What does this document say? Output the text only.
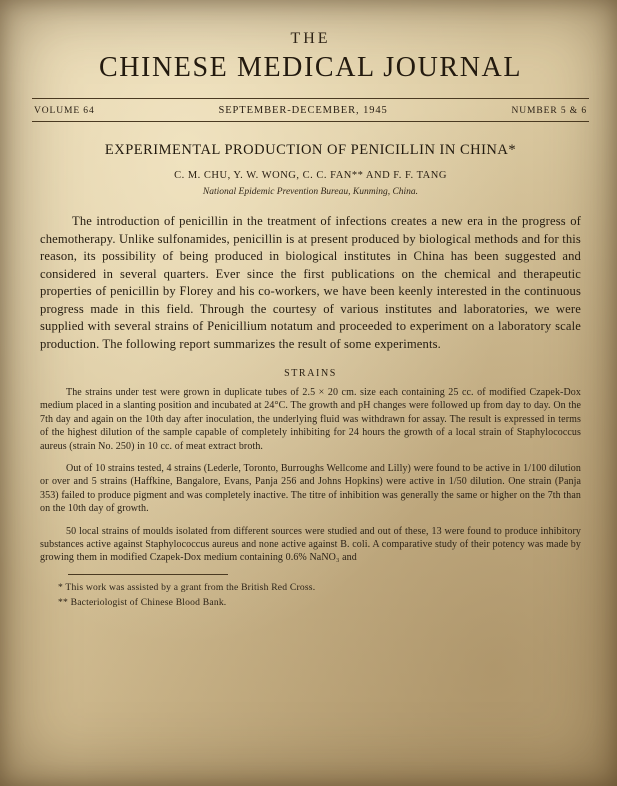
THE
CHINESE MEDICAL JOURNAL
VOLUME 64	SEPTEMBER-DECEMBER, 1945	NUMBER 5 & 6
EXPERIMENTAL PRODUCTION OF PENICILLIN IN CHINA*
C. M. CHU, Y. W. WONG, C. C. FAN** AND F. F. TANG
National Epidemic Prevention Bureau, Kunming, China.

The introduction of penicillin in the treatment of infections creates a new era in the progress of chemotherapy. Unlike sulfonamides, penicillin is at present produced by biological methods and for this reason, its possibility of being produced in biological institutes in China has been suggested and considered in several quarters. Ever since the first publications on the chemical and therapeutic properties of penicillin by Florey and his co-workers, we have been keenly interested in the continuous progress made in this field. Through the courtesy of various institutes and laboratories, we were supplied with several strains of Penicillium notatum and proceeded to experiment on a laboratory scale production. The following report summarizes the result of some experiments.

STRAINS

The strains under test were grown in duplicate tubes of 2.5 × 20 cm. size each containing 25 cc. of modified Czapek-Dox medium placed in a slanting position and incubated at 24°C. The growth and pH changes were followed up from day to day. On the 7th day and again on the 10th day after inoculation, the underlying fluid was withdrawn for assay. The result is expressed in terms of the highest dilution of the sample capable of completely inhibiting for 24 hours the growth of a local strain of Staphylococcus aureus (strain No. 250) in 10 cc. of meat extract broth.

Out of 10 strains tested, 4 strains (Lederle, Toronto, Burroughs Wellcome and Lilly) were found to be active in 1/100 dilution or over and 5 strains (Haffkine, Bangalore, Evans, Panja 256 and Johns Hopkins) were active in 1/50 dilution. One strain (Panja 353) failed to produce pigment and was completely inactive. The titre of inhibition was generally the same or higher on the 7th than on the 10th day of growth.

50 local strains of moulds isolated from different sources were studied and out of these, 13 were found to produce inhibitory substances active against Staphylococcus aureus and none active against B. coli. A comparative study of their potency was made by growing them in modified Czapek-Dox medium containing 0.6% NaNO₃ and

* This work was assisted by a grant from the British Red Cross.

** Bacteriologist of Chinese Blood Bank.
